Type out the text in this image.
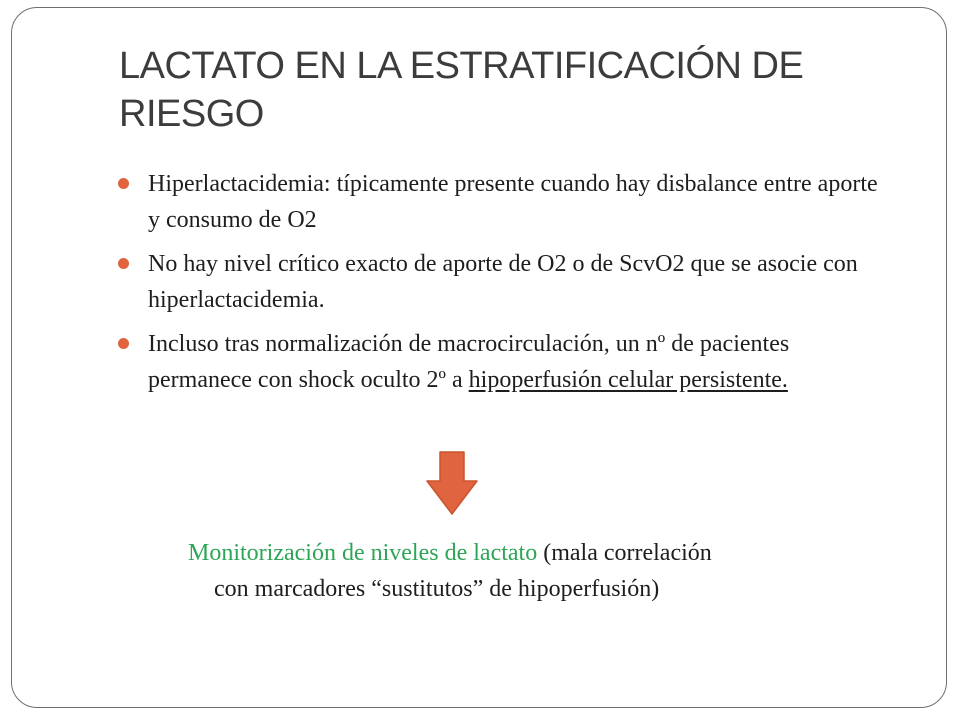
LACTATO EN LA ESTRATIFICACIÓN DE RIESGO
Hiperlactacidemia: típicamente presente cuando hay disbalance entre aporte y consumo de O2
No hay nivel crítico exacto de aporte de O2 o de ScvO2 que se asocie con hiperlactacidemia.
Incluso tras normalización de macrocirculación, un nº de pacientes permanece con shock oculto 2º a hipoperfusión celular persistente.

Monitorización de niveles de lactato (mala correlación
con marcadores “sustitutos” de hipoperfusión)
